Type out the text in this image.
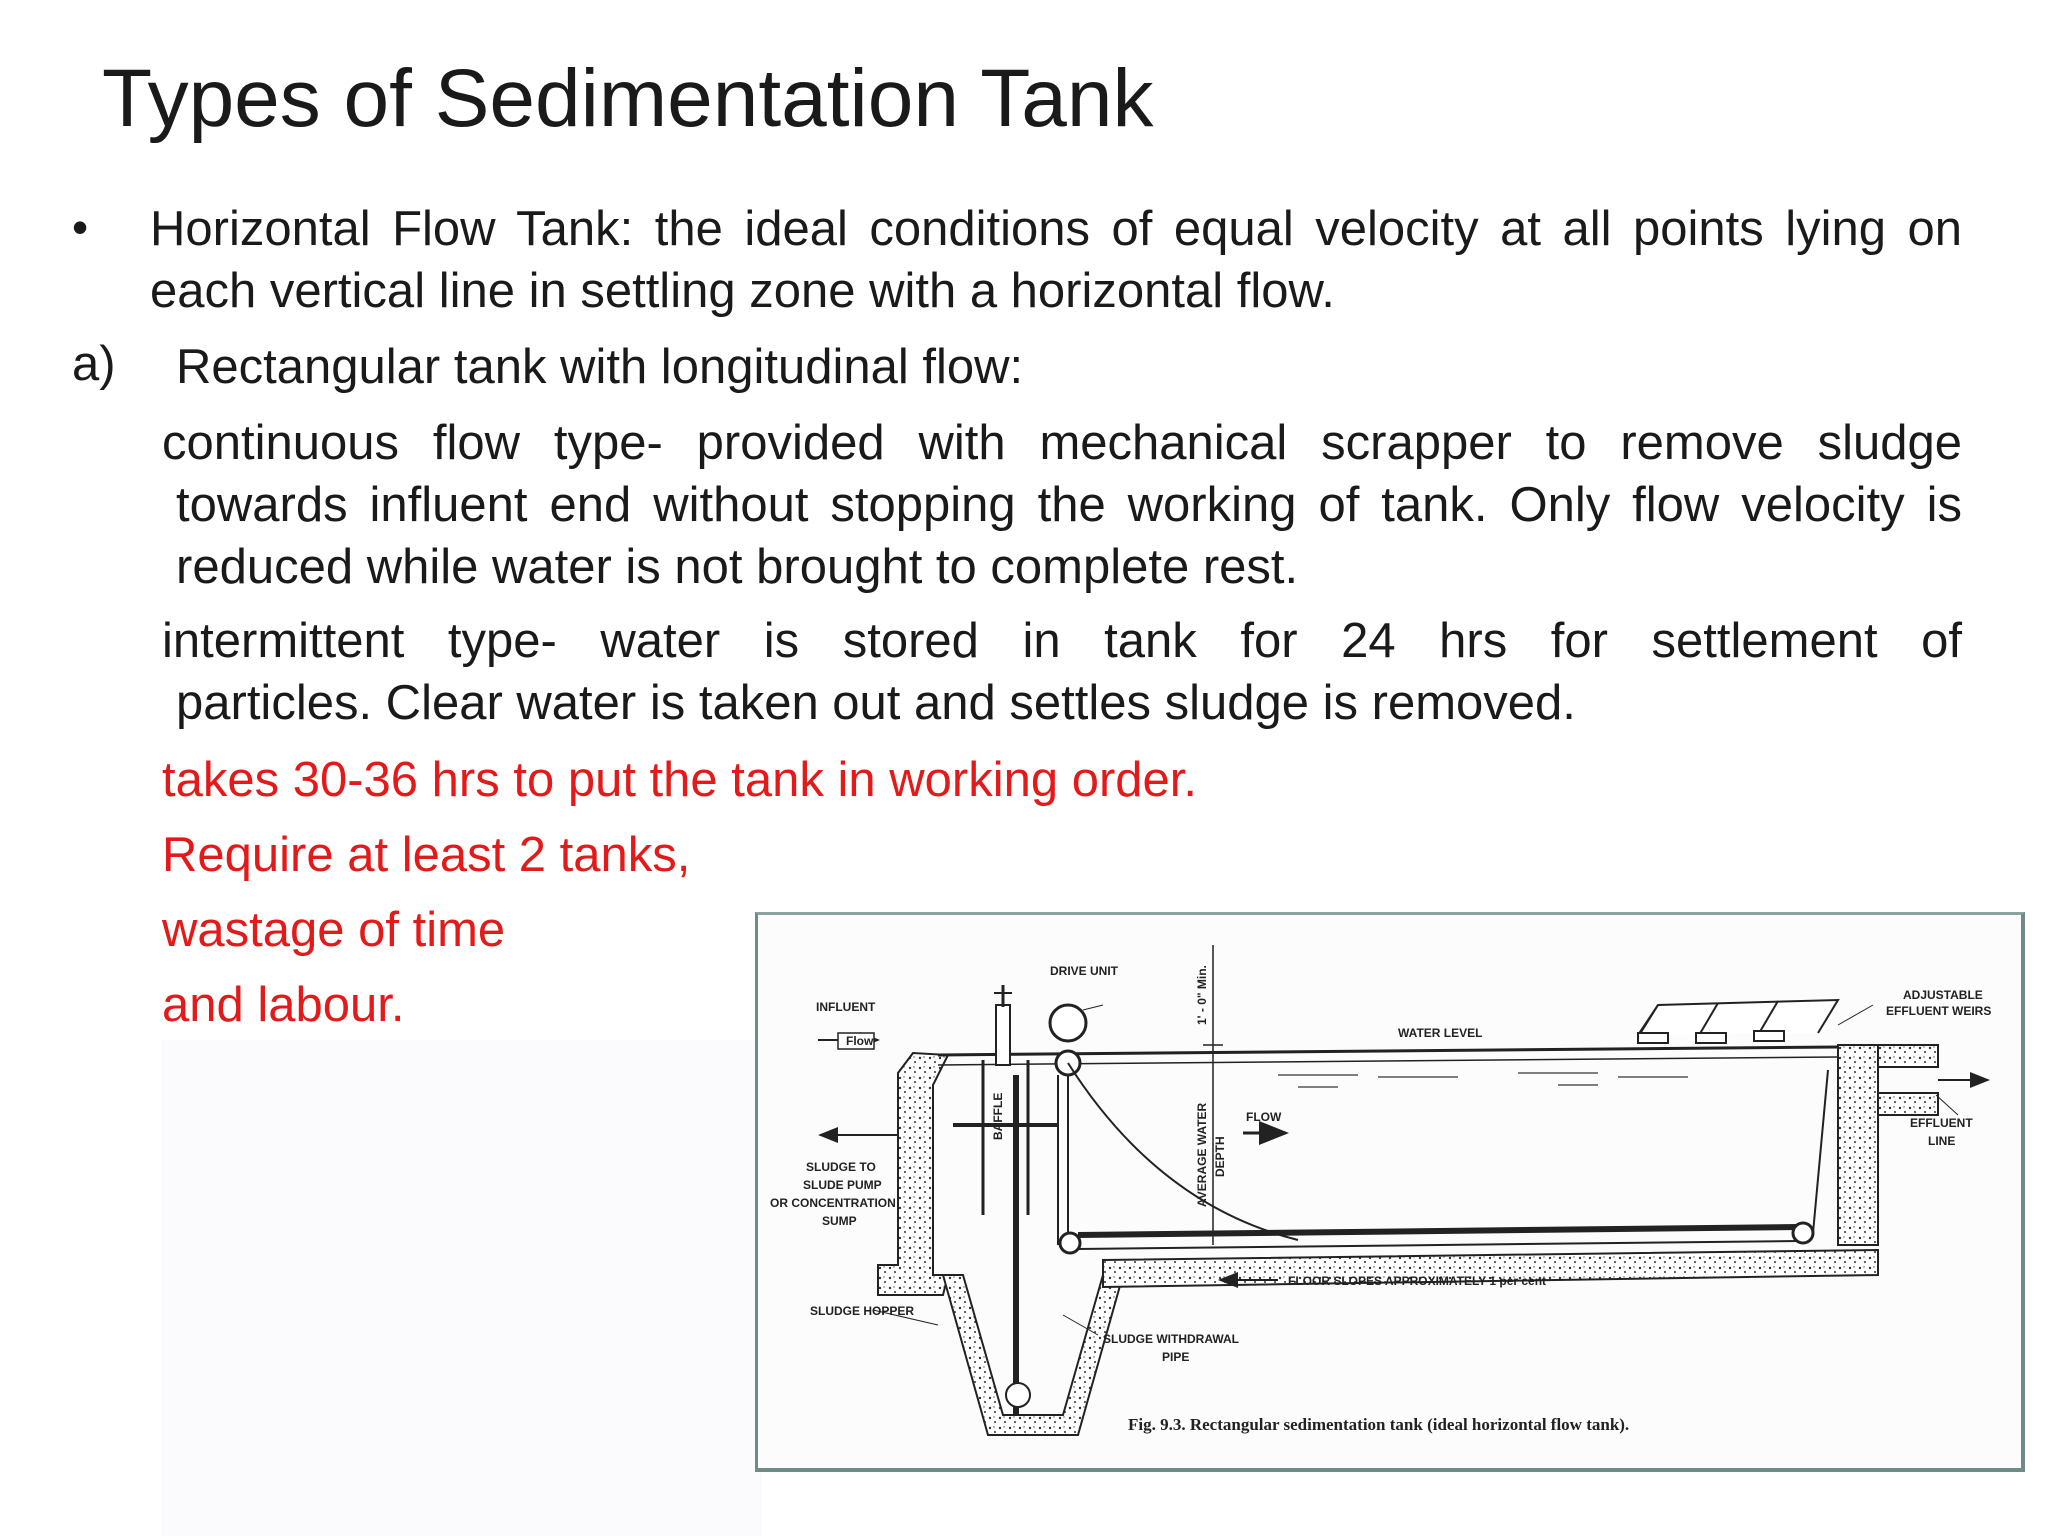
Types of Sedimentation Tank
• Horizontal Flow Tank: the ideal conditions of equal velocity at all points lying on each vertical line in settling zone with a horizontal flow.

a) Rectangular tank with longitudinal flow:

continuous flow type- provided with mechanical scrapper to remove sludge
towards influent end without stopping the working of tank. Only flow velocity is reduced while water is not brought to complete rest.
intermittent type- water is stored in tank for 24 hrs for settlement of
particles. Clear water is taken out and settles sludge is removed.

takes 30-36 hrs to put the tank in working order.

Require at least 2 tanks,

wastage of time

and labour.

DRIVE UNIT
INFLUENT
Flow
BAFFLE
1' - 0" Min.
WATER LEVEL
FLOW
AVERAGE WATER DEPTH
ADJUSTABLE
EFFLUENT WEIRS
EFFLUENT
LINE
SLUDGE TO
SLUDE PUMP
OR CONCENTRATION
SUMP
FLOOR SLOPES APPROXIMATELY 1 per cent
SLUDGE HOPPER
SLUDGE WITHDRAWAL
PIPE
Fig. 9.3. Rectangular sedimentation tank (ideal horizontal flow tank).
